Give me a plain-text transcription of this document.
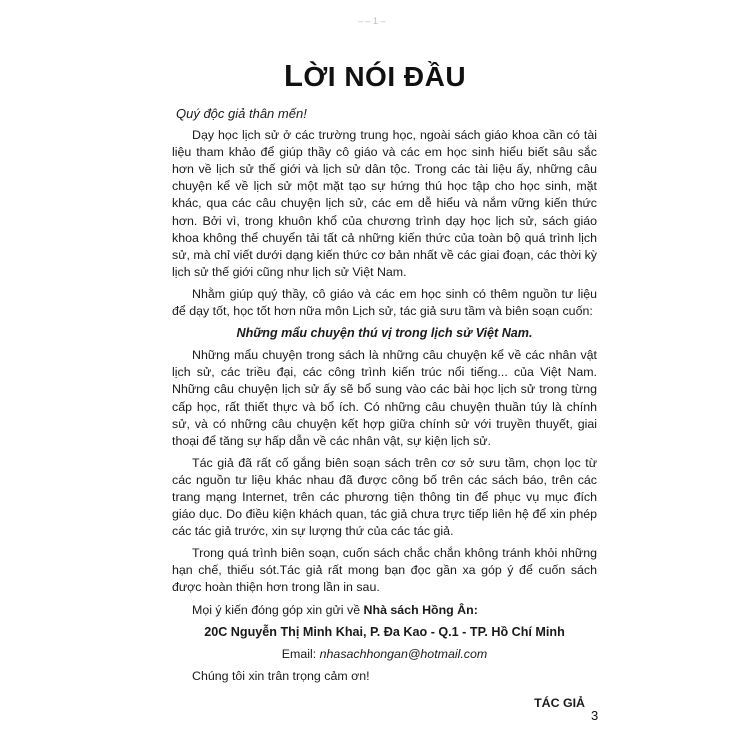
– – 1 –
LỜI NÓI ĐẦU

Quý độc giả thân mến!

Dạy học lịch sử ở các trường trung học, ngoài sách giáo khoa cần có tài liệu tham khảo để giúp thầy cô giáo và các em học sinh hiểu biết sâu sắc hơn về lịch sử thế giới và lịch sử dân tộc. Trong các tài liệu ấy, những câu chuyện kể về lịch sử một mặt tạo sự hứng thú học tập cho học sinh, mặt khác, qua các câu chuyện lịch sử, các em dễ hiểu và nắm vững kiến thức hơn. Bởi vì, trong khuôn khổ của chương trình dạy học lịch sử, sách giáo khoa không thể chuyển tải tất cả những kiến thức của toàn bộ quá trình lịch sử, mà chỉ viết dưới dạng kiến thức cơ bản nhất về các giai đoạn, các thời kỳ lịch sử thế giới cũng như lịch sử Việt Nam.

Nhằm giúp quý thầy, cô giáo và các em học sinh có thêm nguồn tư liệu để dạy tốt, học tốt hơn nữa môn Lịch sử, tác giả sưu tầm và biên soạn cuốn:

Những mẩu chuyện thú vị trong lịch sử Việt Nam.

Những mẩu chuyện trong sách là những câu chuyện kể về các nhân vật lịch sử, các triều đại, các công trình kiến trúc nổi tiếng... của Việt Nam. Những câu chuyện lịch sử ấy sẽ bổ sung vào các bài học lịch sử trong từng cấp học, rất thiết thực và bổ ích. Có những câu chuyện thuần túy là chính sử, và có những câu chuyện kết hợp giữa chính sử với truyền thuyết, giai thoại để tăng sự hấp dẫn về các nhân vật, sự kiện lịch sử.

Tác giả đã rất cố gắng biên soạn sách trên cơ sở sưu tầm, chọn lọc từ các nguồn tư liệu khác nhau đã được công bố trên các sách báo, trên các trang mạng Internet, trên các phương tiện thông tin để phục vụ mục đích giáo dục. Do điều kiện khách quan, tác giả chưa trực tiếp liên hệ để xin phép các tác giả trước, xin sự lượng thứ của các tác giả.

Trong quá trình biên soạn, cuốn sách chắc chắn không tránh khỏi những hạn chế, thiếu sót.Tác giả rất mong bạn đọc gần xa góp ý để cuốn sách được hoàn thiện hơn trong lần in sau.

Mọi ý kiến đóng góp xin gửi về Nhà sách Hồng Ân:

20C Nguyễn Thị Minh Khai, P. Đa Kao - Q.1 - TP. Hồ Chí Minh

Email: nhasachhongan@hotmail.com

Chúng tôi xin trân trọng cảm ơn!

TÁC GIẢ

3
